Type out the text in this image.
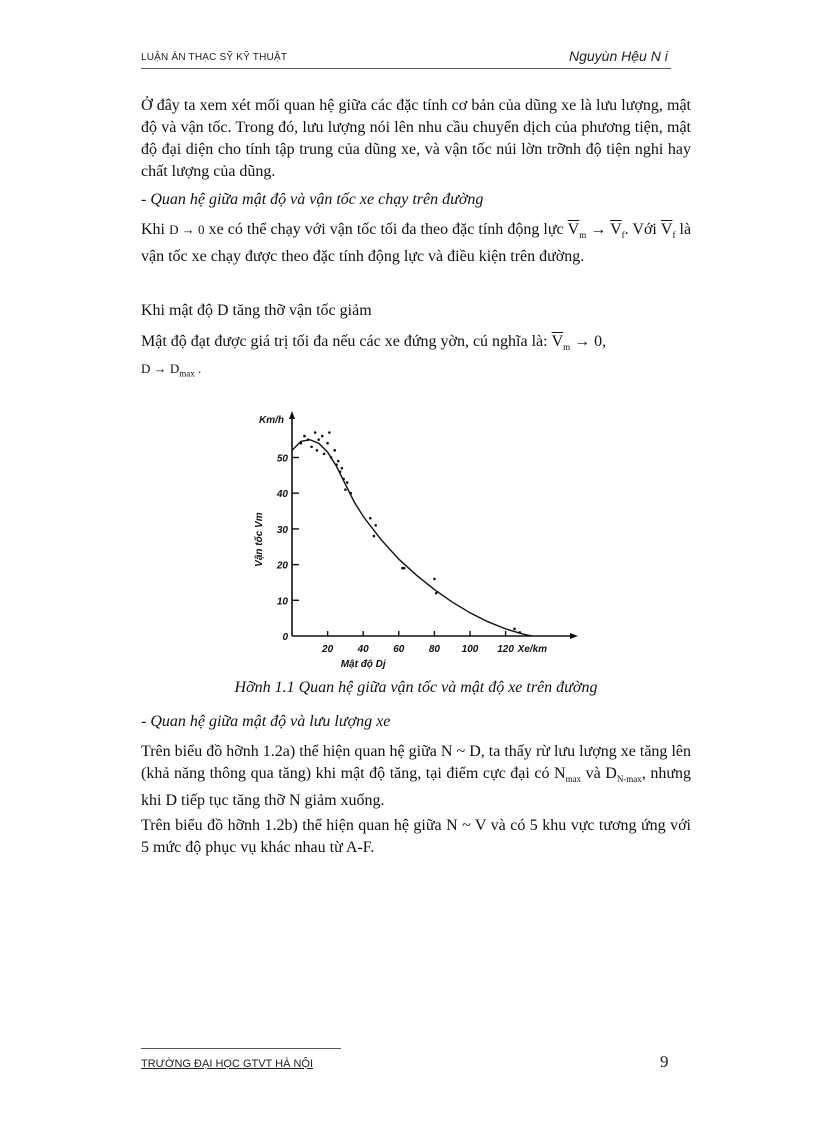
LUẬN ÁN THẠC SỸ KỸ THUẬT	Nguyùn Hệu N i
Ở đây ta xem xét mối quan hệ giữa các đặc tính cơ bản của dũng xe là lưu lượng, mật độ và vận tốc. Trong đó, lưu lượng nói lên nhu cầu chuyển dịch của phương tiện, mật độ đại diện cho tính tập trung của dũng xe, và vận tốc núi lờn trỡnh độ tiện nghi hay chất lượng của dũng.
- Quan hệ giữa mật độ và vận tốc xe chạy trên đường
Khi D → 0 xe có thể chạy với vận tốc tối đa theo đặc tính động lực $\overline{V}_m \to \overline{V}_f$. Với $\overline{V}_f$ là vận tốc xe chạy được theo đặc tính động lực và điều kiện trên đường.
Khi mật độ D tăng thỡ vận tốc giảm
Mật độ đạt được giá trị tối đa nếu các xe đứng yờn, cú nghĩa là: $\overline{V}_m \to 0$,
$D \to D_{max}$ .
0
10
20
30
40
50
20 40 60 80 100 120
Km/h
Xe/km
Mật độ Dj
Vận tốc Vm
Hỡnh 1.1 Quan hệ giữa vận tốc và mật độ xe trên đường
- Quan hệ giữa mật độ và lưu lượng xe
Trên biểu đồ hỡnh 1.2a) thể hiện quan hệ giữa N ~ D, ta thấy rừ lưu lượng xe tăng lên (khả năng thông qua tăng) khi mật độ tăng, tại điểm cực đại có $N_{max}$ và $D_{N-max}$, nhưng khi D tiếp tục tăng thỡ N giảm xuống.
Trên biểu đồ hỡnh 1.2b) thể hiện quan hệ giữa N ~ V và có 5 khu vực tương ứng với 5 mức độ phục vụ khác nhau từ A-F.
TRƯỜNG ĐẠI HỌC GTVT HÀ NỘI	9
